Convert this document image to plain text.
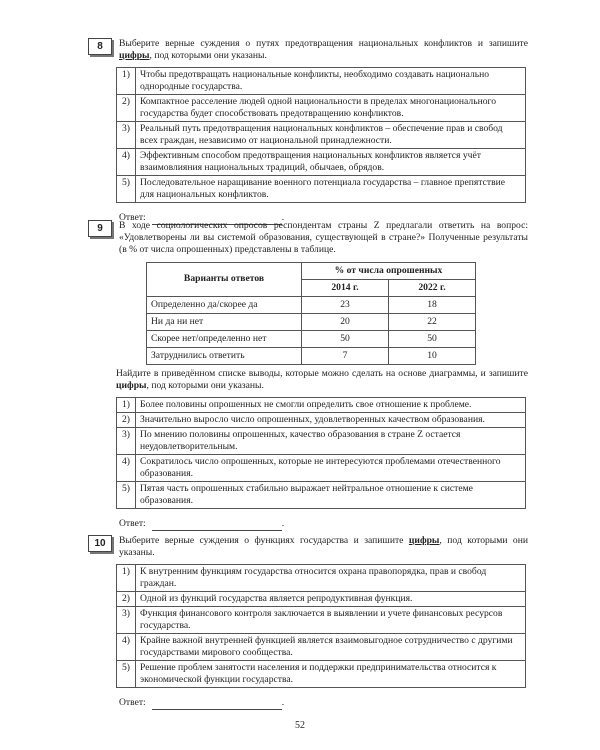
8	Выберите верные суждения о путях предотвращения национальных конфликтов и запишите цифры, под которыми они указаны.
1)	Чтобы предотвращать национальные конфликты, необходимо создавать национально однородные государства.
2)	Компактное расселение людей одной национальности в пределах многонационального государства будет способствовать предотвращению конфликтов.
3)	Реальный путь предотвращения национальных конфликтов – обеспечение прав и свобод всех граждан, независимо от национальной принадлежности.
4)	Эффективным способом предотвращения национальных конфликтов является учёт взаимовлияния национальных традиций, обычаев, обрядов.
5)	Последовательное наращивание военного потенциала государства – главное препятствие для национальных конфликтов.
Ответ:	.
9	В ходе социологических опросов респондентам страны Z предлагали ответить на вопрос: «Удовлетворены ли вы системой образования, существующей в стране?» Полученные результаты (в % от числа опрошенных) представлены в таблице.
Варианты ответов	% от числа опрошенных	
	2014 г.	2022 г.
Определенно да/скорее да	23	18
Ни да ни нет	20	22
Скорее нет/определенно нет	50	50
Затруднились ответить	7	10
Найдите в приведённом списке выводы, которые можно сделать на основе диаграммы, и запишите цифры, под которыми они указаны.
1)	Более половины опрошенных не смогли определить свое отношение к проблеме.
2)	Значительно выросло число опрошенных, удовлетворенных качеством образования.
3)	По мнению половины опрошенных, качество образования в стране Z остается неудовлетворительным.
4)	Сократилось число опрошенных, которые не интересуются проблемами отечественного образования.
5)	Пятая часть опрошенных стабильно выражает нейтральное отношение к системе образования.
Ответ:	.
10	Выберите верные суждения о функциях государства и запишите цифры, под которыми они указаны.
1)	К внутренним функциям государства относится охрана правопорядка, прав и свобод граждан.
2)	Одной из функций государства является репродуктивная функция.
3)	Функция финансового контроля заключается в выявлении и учете финансовых ресурсов государства.
4)	Крайне важной внутренней функцией является взаимовыгодное сотрудничество с другими государствами мирового сообщества.
5)	Решение проблем занятости населения и поддержки предпринимательства относится к экономической функции государства.
Ответ:	.
52
